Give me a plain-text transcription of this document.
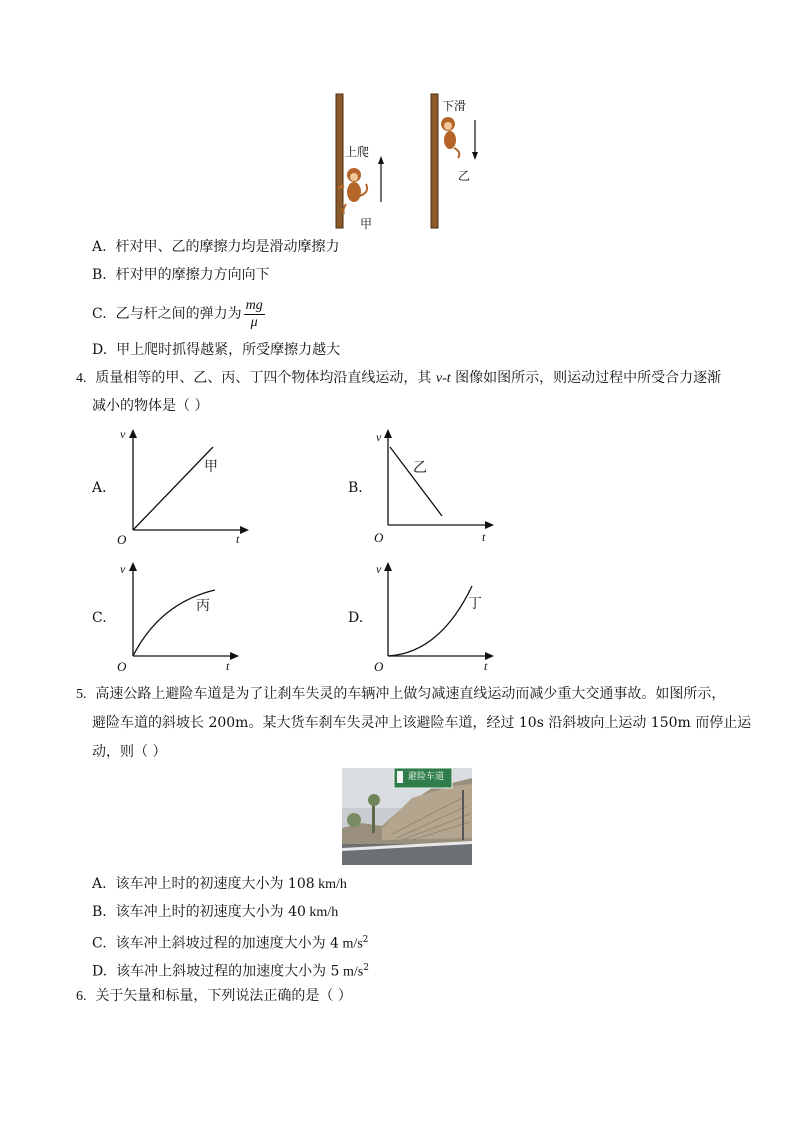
上爬
下滑
甲
乙
A. 杆对甲、乙的摩擦力均是滑动摩擦力
B. 杆对甲的摩擦力方向向下
C.
乙与杆之间的弹力为 $\frac{mg}{\mu}$
D. 甲上爬时抓得越紧，所受摩擦力越大
4. 质量相等的甲、乙、丙、丁四个物体均沿直线运动，其 v-t 图像如图所示，则运动过程中所受合力逐渐
减小的物体是（ ）
A.
v
t
O
甲
B.
v
t
O
乙
C.
v
t
O
丙
D.
v
t
O
丁
5. 高速公路上避险车道是为了让刹车失灵的车辆冲上做匀减速直线运动而减少重大交通事故。如图所示，
避险车道的斜坡长 200m。某大货车刹车失灵冲上该避险车道，经过 10s 沿斜坡向上运动 150m 而停止运
动，则（ ）
避险车道
A. 该车冲上时的初速度大小为 108 km/h
B. 该车冲上时的初速度大小为 40 km/h
C. 该车冲上斜坡过程的加速度大小为 4 $m/s^2$
D. 该车冲上斜坡过程的加速度大小为 5 $m/s^2$
6. 关于矢量和标量，下列说法正确的是（ ）
